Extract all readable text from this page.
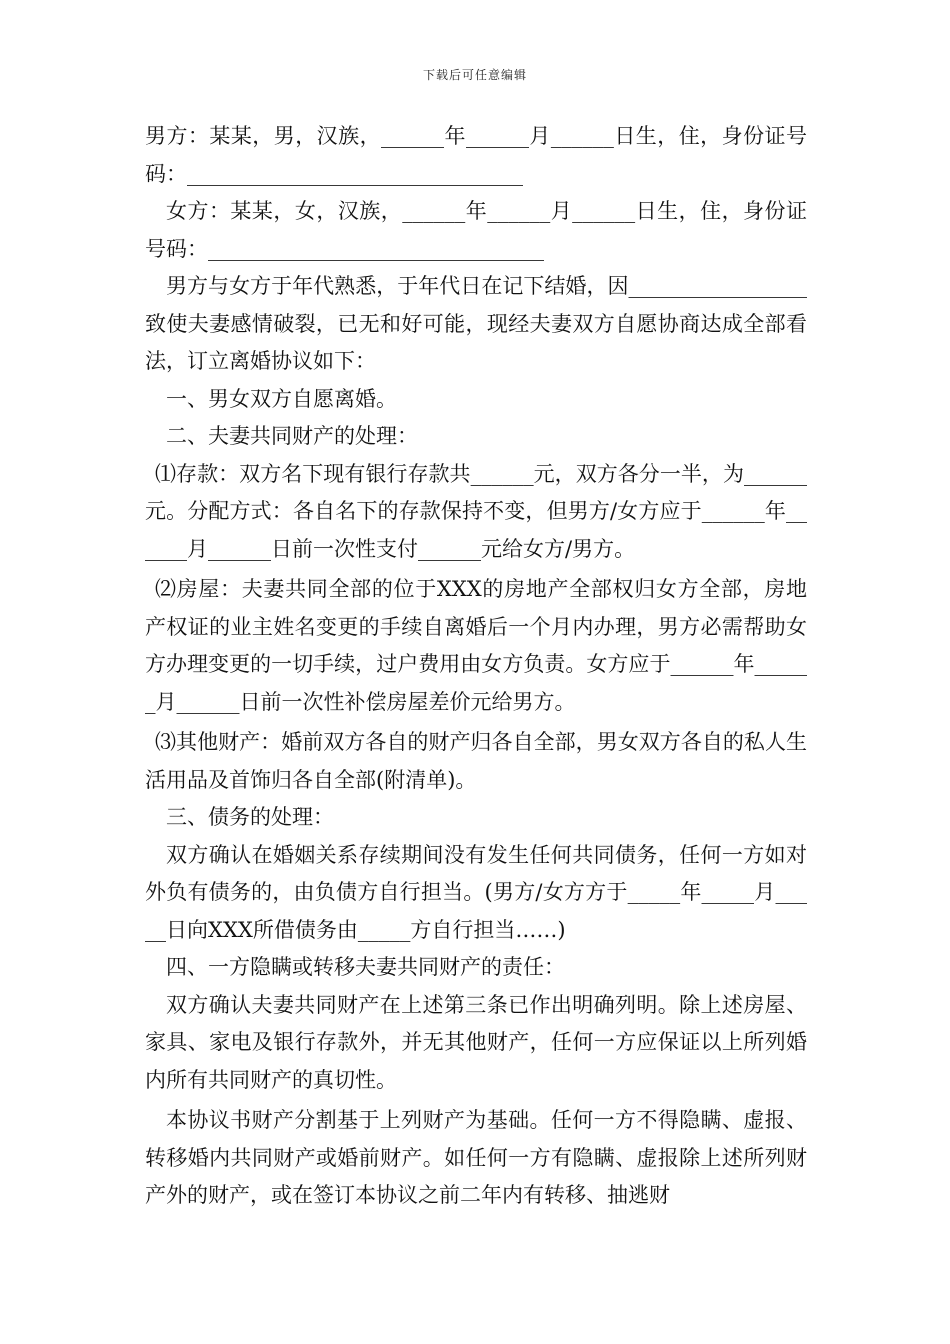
下载后可任意编辑

男方：某某，男，汉族，______年______月______日生，住，身份证号码：________________________________

女方：某某，女，汉族，______年______月______日生，住，身份证号码：________________________________

男方与女方于年代熟悉，于年代日在记下结婚，因_________________致使夫妻感情破裂，已无和好可能，现经夫妻双方自愿协商达成全部看法，订立离婚协议如下：

一、男女双方自愿离婚。

二、夫妻共同财产的处理：

⑴存款：双方名下现有银行存款共______元，双方各分一半，为______元。分配方式：各自名下的存款保持不变，但男方/女方应于______年______月______日前一次性支付______元给女方/男方。

⑵房屋：夫妻共同全部的位于XXX的房地产全部权归女方全部，房地产权证的业主姓名变更的手续自离婚后一个月内办理，男方必需帮助女方办理变更的一切手续，过户费用由女方负责。女方应于______年______月______日前一次性补偿房屋差价元给男方。

⑶其他财产：婚前双方各自的财产归各自全部，男女双方各自的私人生活用品及首饰归各自全部(附清单)。

三、债务的处理：

双方确认在婚姻关系存续期间没有发生任何共同债务，任何一方如对外负有债务的，由负债方自行担当。(男方/女方方于_____年_____月_____日向XXX所借债务由_____方自行担当……)

四、一方隐瞒或转移夫妻共同财产的责任：

双方确认夫妻共同财产在上述第三条已作出明确列明。除上述房屋、家具、家电及银行存款外，并无其他财产，任何一方应保证以上所列婚内所有共同财产的真切性。

本协议书财产分割基于上列财产为基础。任何一方不得隐瞒、虚报、转移婚内共同财产或婚前财产。如任何一方有隐瞒、虚报除上述所列财产外的财产，或在签订本协议之前二年内有转移、抽逃财
